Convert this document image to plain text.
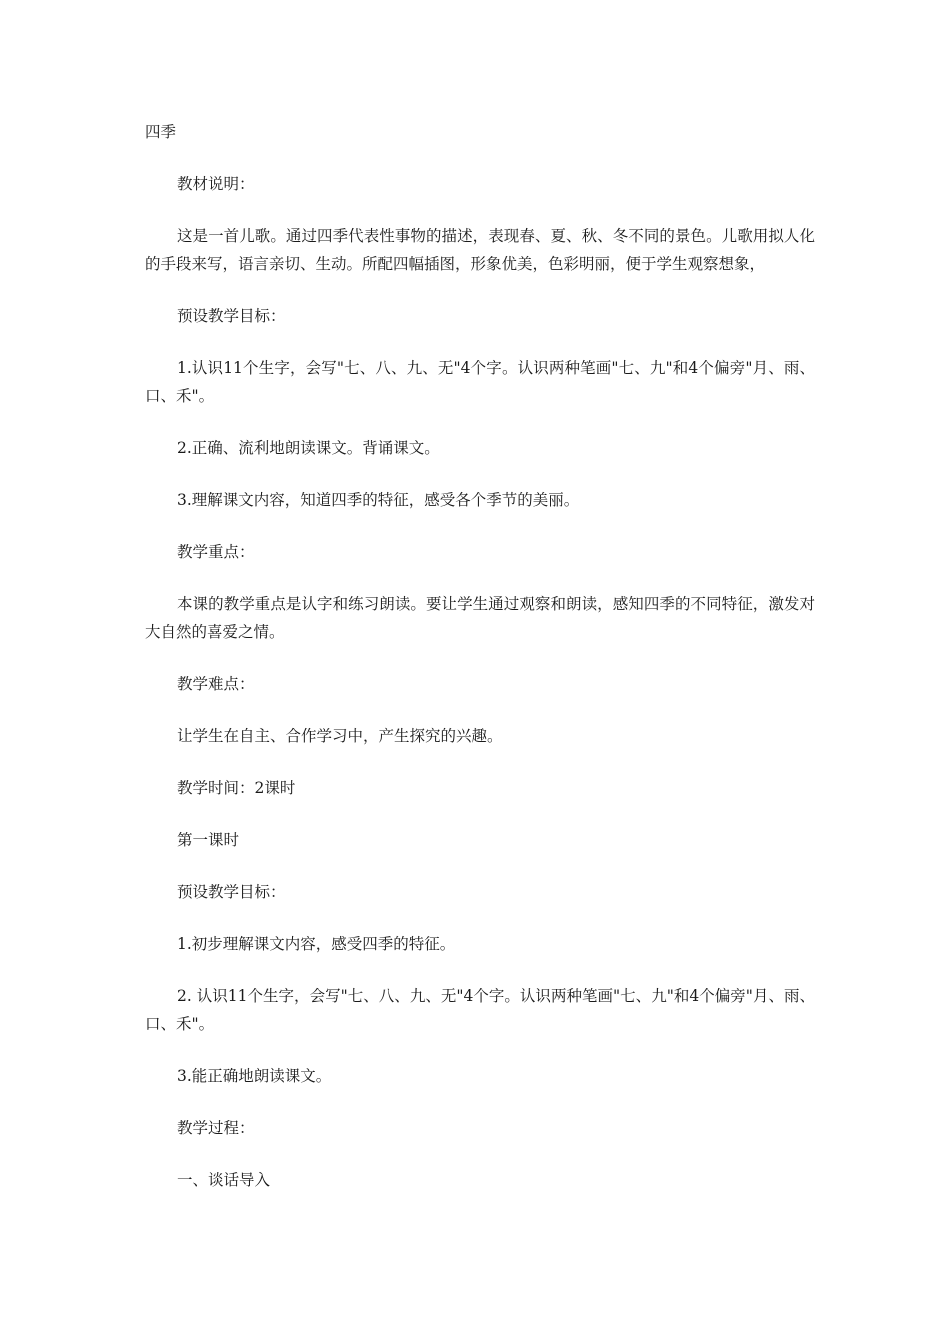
四季

教材说明：

这是一首儿歌。通过四季代表性事物的描述，表现春、夏、秋、冬不同的景色。儿歌用拟人化的手段来写，语言亲切、生动。所配四幅插图，形象优美，色彩明丽，便于学生观察想象，

预设教学目标：

1.认识11个生字，会写"七、八、九、无"4个字。认识两种笔画"七、九"和4个偏旁"月、雨、口、禾"。

2.正确、流利地朗读课文。背诵课文。

3.理解课文内容，知道四季的特征，感受各个季节的美丽。

教学重点：

本课的教学重点是认字和练习朗读。要让学生通过观察和朗读，感知四季的不同特征，激发对大自然的喜爱之情。

教学难点：

让学生在自主、合作学习中，产生探究的兴趣。

教学时间：2课时

第一课时

预设教学目标：

1.初步理解课文内容，感受四季的特征。

2. 认识11个生字，会写"七、八、九、无"4个字。认识两种笔画"七、九"和4个偏旁"月、雨、口、禾"。

3.能正确地朗读课文。

教学过程：

一、谈话导入
